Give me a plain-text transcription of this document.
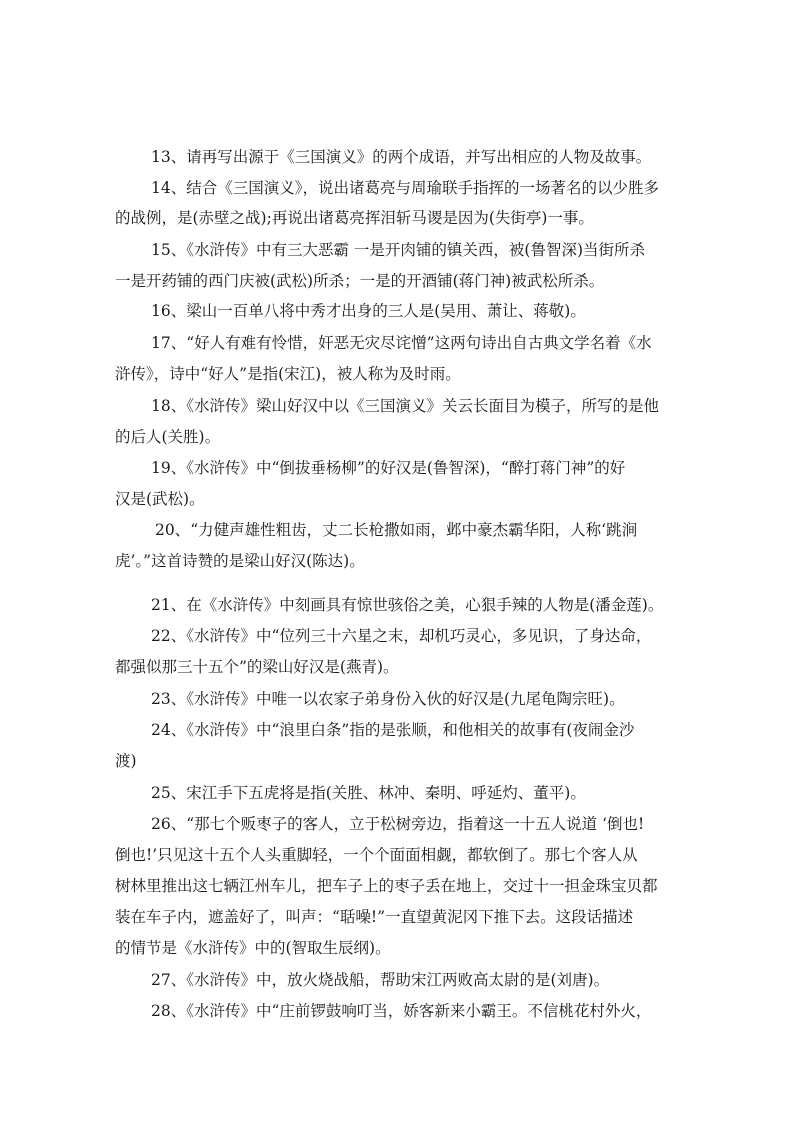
13、请再写出源于《三国演义》的两个成语，并写出相应的人物及故事。
14、结合《三国演义》，说出诸葛亮与周瑜联手指挥的一场著名的以少胜多
的战例，是(赤壁之战);再说出诸葛亮挥泪斩马谡是因为(失街亭)一事。
15、《水浒传》中有三大恶霸 一是开肉铺的镇关西，被(鲁智深)当街所杀
一是开药铺的西门庆被(武松)所杀；一是的开酒铺(蒋门神)被武松所杀。
16、梁山一百单八将中秀才出身的三人是(吴用、萧让、蒋敬)。
17、“好人有难有怜惜，奸恶无灾尽诧憎”这两句诗出自古典文学名着《水
浒传》，诗中“好人”是指(宋江)，被人称为及时雨。
18、《水浒传》梁山好汉中以《三国演义》关云长面目为模子，所写的是他
的后人(关胜)。
19、《水浒传》中“倒拔垂杨柳”的好汉是(鲁智深)，“醉打蒋门神”的好
汉是(武松)。
20、“力健声雄性粗齿，丈二长枪撒如雨，邺中豪杰霸华阳，人称‘跳涧
虎’。”这首诗赞的是梁山好汉(陈达)。
21、在《水浒传》中刻画具有惊世骇俗之美，心狠手辣的人物是(潘金莲)。
22、《水浒传》中“位列三十六星之末，却机巧灵心，多见识，了身达命，
都强似那三十五个”的梁山好汉是(燕青)。
23、《水浒传》中唯一以农家子弟身份入伙的好汉是(九尾龟陶宗旺)。
24、《水浒传》中“浪里白条”指的是张顺，和他相关的故事有(夜闹金沙
渡)
25、宋江手下五虎将是指(关胜、林冲、秦明、呼延灼、董平)。
26、“那七个贩枣子的客人，立于松树旁边，指着这一十五人说道 ‘倒也!
倒也!’只见这十五个人头重脚轻，一个个面面相觑，都软倒了。那七个客人从
树林里推出这七辆江州车儿，把车子上的枣子丢在地上，交过十一担金珠宝贝都
装在车子内，遮盖好了，叫声：“聒噪!”一直望黄泥冈下推下去。这段话描述
的情节是《水浒传》中的(智取生辰纲)。
27、《水浒传》中，放火烧战船，帮助宋江两败高太尉的是(刘唐)。
28、《水浒传》中“庄前锣鼓响叮当，娇客新来小霸王。不信桃花村外火，
